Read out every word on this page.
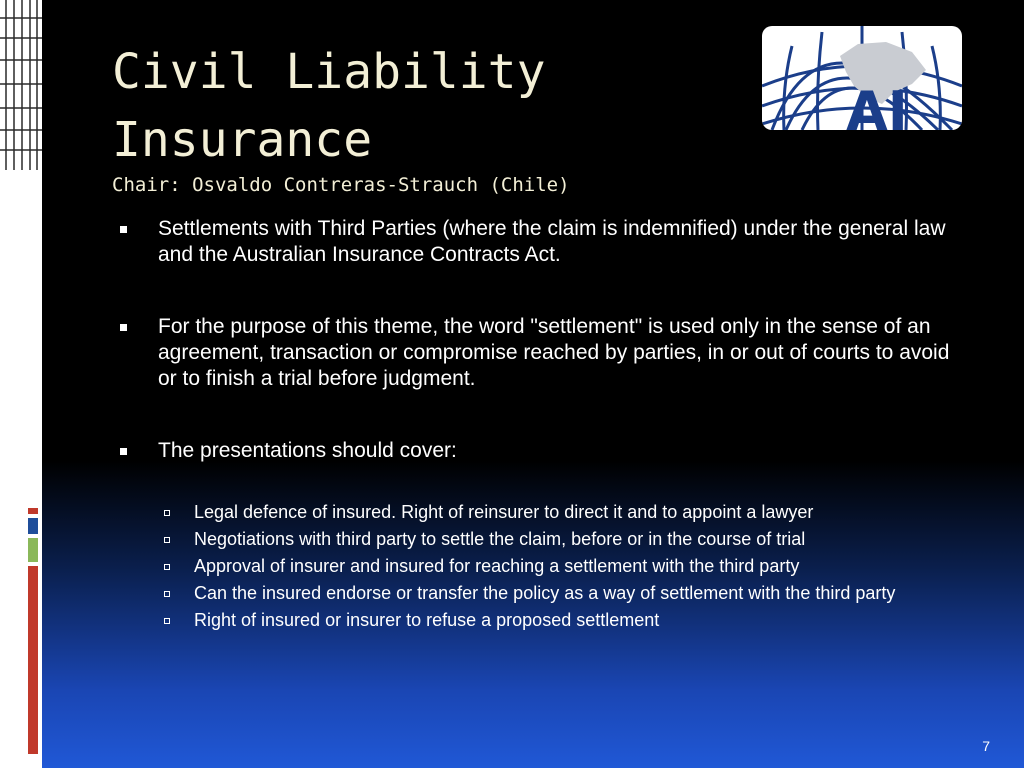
Civil Liability Insurance

Chair: Osvaldo Contreras-Strauch (Chile)

AI
Settlements with Third Parties (where the claim is indemnified) under the general law and the Australian Insurance Contracts Act.
For the purpose of this theme, the word "settlement" is used only in the sense of an agreement, transaction or compromise reached by parties, in or out of courts to avoid or to finish a trial before judgment.
The presentations should cover:
Legal defence of insured. Right of reinsurer to direct it and to appoint a lawyer
Negotiations with third party to settle the claim, before or in the course of trial
Approval of insurer and insured for reaching a settlement with the third party
Can the insured endorse or transfer the policy as a way of settlement with the third party
Right of insured or insurer to refuse a proposed settlement
7
